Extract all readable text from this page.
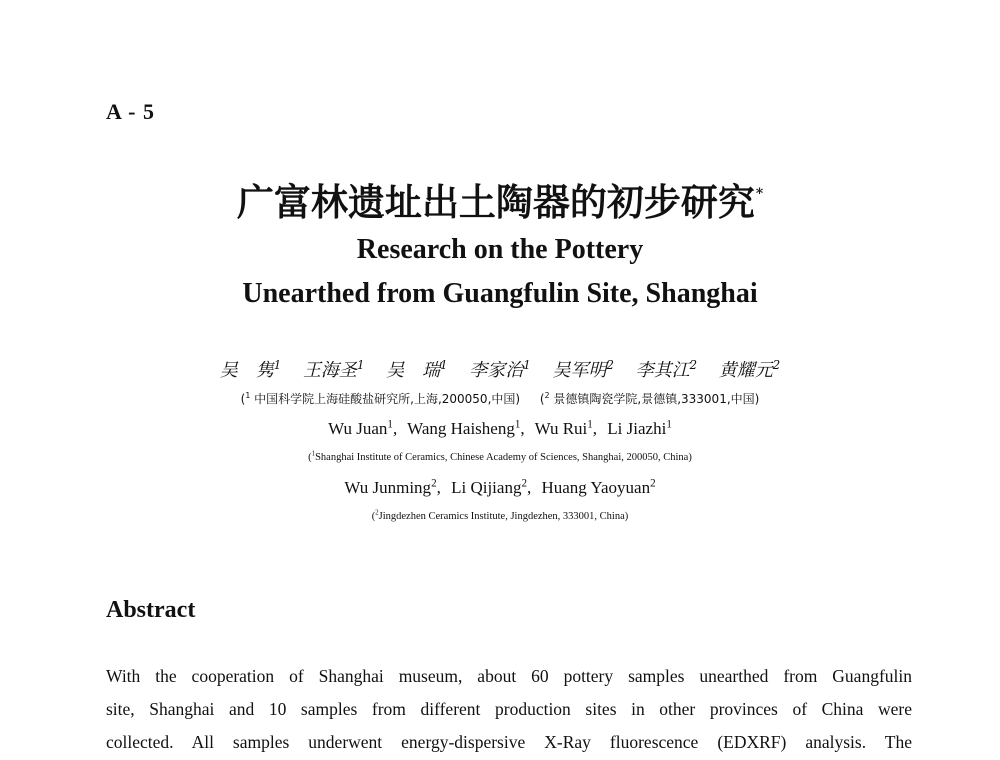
A - 5
广富林遗址出土陶器的初步研究*
Research on the Pottery
Unearthed from Guangfulin Site, Shanghai
吴　隽$^1$ 王海圣$^1$ 吴　瑞$^1$ 李家治$^1$ 吴军明$^2$ 李其江$^2$ 黄耀元$^2$
($^1$ 中国科学院上海硅酸盐研究所,上海,200050,中国) ($^2$ 景德镇陶瓷学院,景德镇,333001,中国)
Wu Juan$^1$, Wang Haisheng$^1$, Wu Rui$^1$, Li Jiazhi$^1$
($^1$Shanghai Institute of Ceramics, Chinese Academy of Sciences, Shanghai, 200050, China)
Wu Junming$^2$, Li Qijiang$^2$, Huang Yaoyuan$^2$
($^2$Jingdezhen Ceramics Institute, Jingdezhen, 333001, China)
Abstract
With the cooperation of Shanghai museum, about 60 pottery samples unearthed from Guangfulin
site, Shanghai and 10 samples from different production sites in other provinces of China were
collected. All samples underwent energy-dispersive X-Ray fluorescence (EDXRF) analysis. The
